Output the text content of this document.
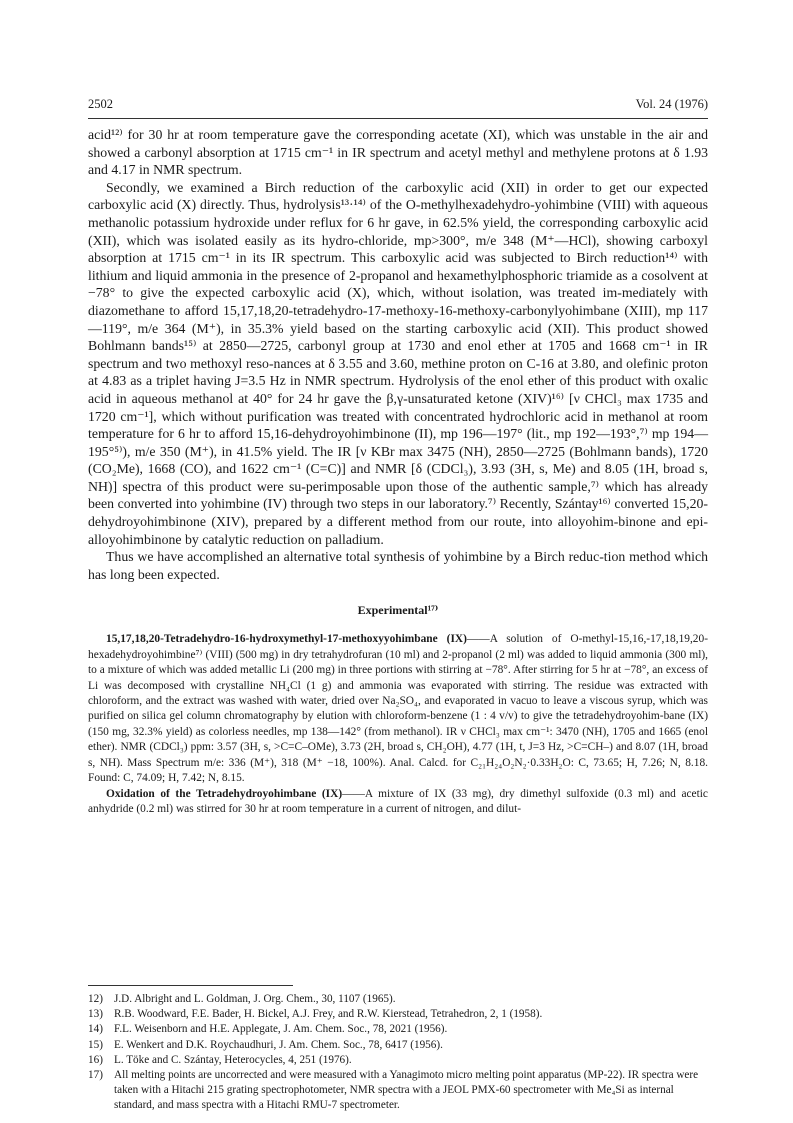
2502	Vol. 24 (1976)

acid¹²⁾ for 30 hr at room temperature gave the corresponding acetate (XI), which was unstable in the air and showed a carbonyl absorption at 1715 cm⁻¹ in IR spectrum and acetyl methyl and methylene protons at δ 1.93 and 4.17 in NMR spectrum.

Secondly, we examined a Birch reduction of the carboxylic acid (XII) in order to get our expected carboxylic acid (X) directly. Thus, hydrolysis¹³·¹⁴⁾ of the O-methylhexadehydro-yohimbine (VIII) with aqueous methanolic potassium hydroxide under reflux for 6 hr gave, in 62.5% yield, the corresponding carboxylic acid (XII), which was isolated easily as its hydro-chloride, mp>300°, m/e 348 (M⁺—HCl), showing carboxyl absorption at 1715 cm⁻¹ in its IR spectrum. This carboxylic acid was subjected to Birch reduction¹⁴⁾ with lithium and liquid ammonia in the presence of 2-propanol and hexamethylphosphoric triamide as a cosolvent at −78° to give the expected carboxylic acid (X), which, without isolation, was treated im-mediately with diazomethane to afford 15,17,18,20-tetradehydro-17-methoxy-16-methoxy-carbonylyohimbane (XIII), mp 117—119°, m/e 364 (M⁺), in 35.3% yield based on the starting carboxylic acid (XII). This product showed Bohlmann bands¹⁵⁾ at 2850—2725, carbonyl group at 1730 and enol ether at 1705 and 1668 cm⁻¹ in IR spectrum and two methoxyl reso-nances at δ 3.55 and 3.60, methine proton on C-16 at 3.80, and olefinic proton at 4.83 as a triplet having J=3.5 Hz in NMR spectrum. Hydrolysis of the enol ether of this product with oxalic acid in aqueous methanol at 40° for 24 hr gave the β,γ-unsaturated ketone (XIV)¹⁶⁾ [ν CHCl₃ max 1735 and 1720 cm⁻¹], which without purification was treated with concentrated hydrochloric acid in methanol at room temperature for 6 hr to afford 15,16-dehydroyohimbinone (II), mp 196—197° (lit., mp 192—193°,⁷⁾ mp 194—195°⁵⁾), m/e 350 (M⁺), in 41.5% yield. The IR [ν KBr max 3475 (NH), 2850—2725 (Bohlmann bands), 1720 (CO₂Me), 1668 (CO), and 1622 cm⁻¹ (C=C)] and NMR [δ (CDCl₃), 3.93 (3H, s, Me) and 8.05 (1H, broad s, NH)] spectra of this product were su-perimposable upon those of the authentic sample,⁷⁾ which has already been converted into yohimbine (IV) through two steps in our laboratory.⁷⁾ Recently, Szántay¹⁶⁾ converted 15,20-dehydroyohimbinone (XIV), prepared by a different method from our route, into alloyohim-binone and epi-alloyohimbinone by catalytic reduction on palladium.

Thus we have accomplished an alternative total synthesis of yohimbine by a Birch reduc-tion method which has long been expected.

Experimental¹⁷⁾

15,17,18,20-Tetradehydro-16-hydroxymethyl-17-methoxyyohimbane (IX)——A solution of O-methyl-15,16,-17,18,19,20-hexadehydroyohimbine⁷⁾ (VIII) (500 mg) in dry tetrahydrofuran (10 ml) and 2-propanol (2 ml) was added to liquid ammonia (300 ml), to a mixture of which was added metallic Li (200 mg) in three portions with stirring at −78°. After stirring for 5 hr at −78°, an excess of Li was decomposed with crystalline NH₄Cl (1 g) and ammonia was evaporated with stirring. The residue was extracted with chloroform, and the extract was washed with water, dried over Na₂SO₄, and evaporated in vacuo to leave a viscous syrup, which was purified on silica gel column chromatography by elution with chloroform-benzene (1 : 4 v/v) to give the tetradehydroyohim-bane (IX) (150 mg, 32.3% yield) as colorless needles, mp 138—142° (from methanol). IR ν CHCl₃ max cm⁻¹: 3470 (NH), 1705 and 1665 (enol ether). NMR (CDCl₃) ppm: 3.57 (3H, s, >C=C–OMe), 3.73 (2H, broad s, CH₂OH), 4.77 (1H, t, J=3 Hz, >C=CH–) and 8.07 (1H, broad s, NH). Mass Spectrum m/e: 336 (M⁺), 318 (M⁺ −18, 100%). Anal. Calcd. for C₂₁H₂₄O₂N₂·0.33H₂O: C, 73.65; H, 7.26; N, 8.18. Found: C, 74.09; H, 7.42; N, 8.15.

Oxidation of the Tetradehydroyohimbane (IX)——A mixture of IX (33 mg), dry dimethyl sulfoxide (0.3 ml) and acetic anhydride (0.2 ml) was stirred for 30 hr at room temperature in a current of nitrogen, and dilut-

12) J.D. Albright and L. Goldman, J. Org. Chem., 30, 1107 (1965).

13) R.B. Woodward, F.E. Bader, H. Bickel, A.J. Frey, and R.W. Kierstead, Tetrahedron, 2, 1 (1958).

14) F.L. Weisenborn and H.E. Applegate, J. Am. Chem. Soc., 78, 2021 (1956).

15) E. Wenkert and D.K. Roychaudhuri, J. Am. Chem. Soc., 78, 6417 (1956).

16) L. Töke and C. Szántay, Heterocycles, 4, 251 (1976).

17) All melting points are uncorrected and were measured with a Yanagimoto micro melting point apparatus (MP-22). IR spectra were taken with a Hitachi 215 grating spectrophotometer, NMR spectra with a JEOL PMX-60 spectrometer with Me₄Si as internal standard, and mass spectra with a Hitachi RMU-7 spectrometer.
